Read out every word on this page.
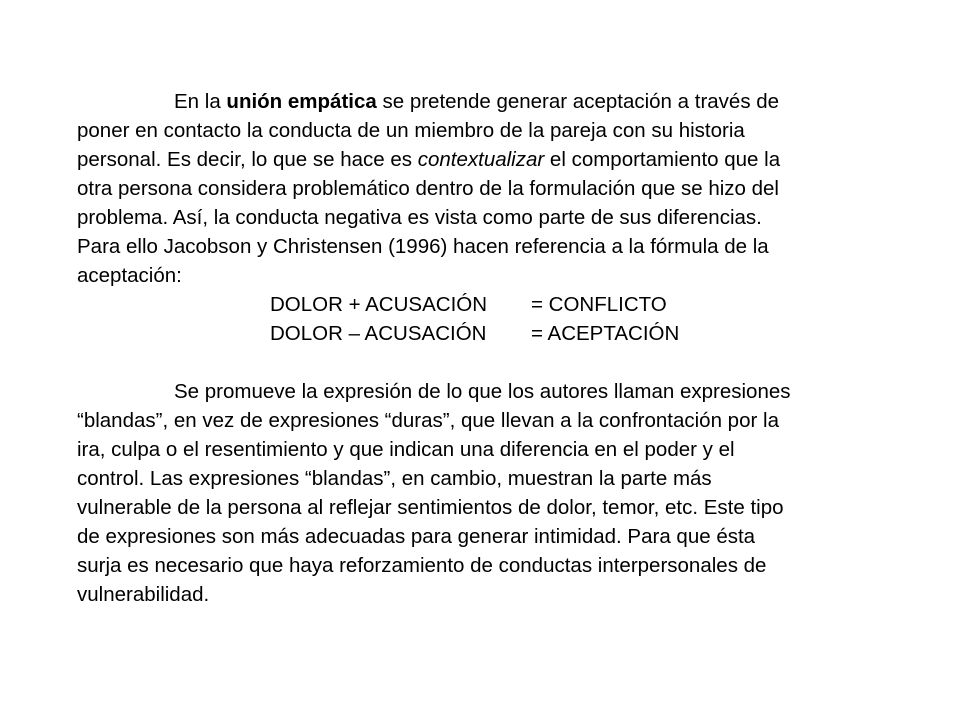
En la unión empática se pretende generar aceptación a través de
poner en contacto la conducta de un miembro de la pareja con su historia
personal. Es decir, lo que se hace es contextualizar el comportamiento que la
otra persona considera problemático dentro de la formulación que se hizo del
problema. Así, la conducta negativa es vista como parte de sus diferencias.
Para ello Jacobson y Christensen (1996) hacen referencia a la fórmula de la
aceptación:
DOLOR + ACUSACIÓN = CONFLICTO
DOLOR – ACUSACIÓN = ACEPTACIÓN
Se promueve la expresión de lo que los autores llaman expresiones
“blandas”, en vez de expresiones “duras”, que llevan a la confrontación por la
ira, culpa o el resentimiento y que indican una diferencia en el poder y el
control. Las expresiones “blandas”, en cambio, muestran la parte más
vulnerable de la persona al reflejar sentimientos de dolor, temor, etc. Este tipo
de expresiones son más adecuadas para generar intimidad. Para que ésta
surja es necesario que haya reforzamiento de conductas interpersonales de
vulnerabilidad.
